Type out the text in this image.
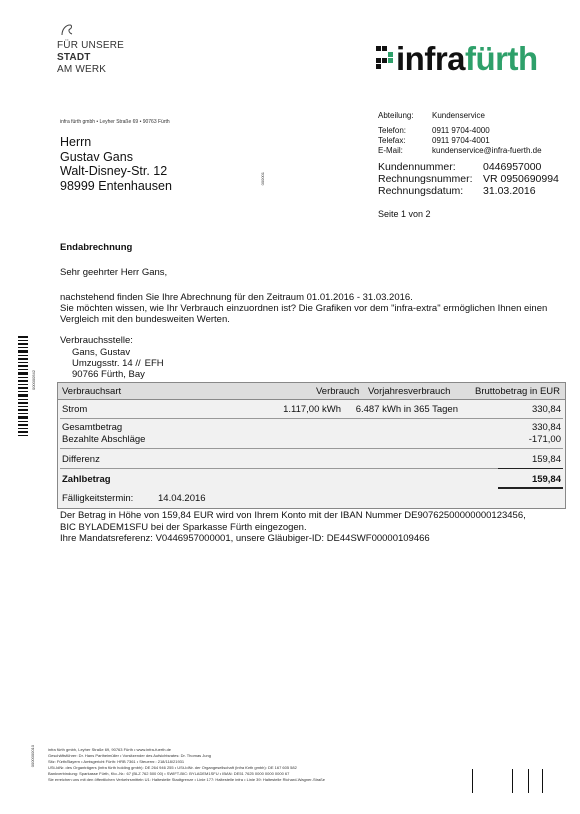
FÜR UNSERE
STADT
AM WERK	infrafürth
infra fürth gmbh • Leyher Straße 69 • 90763 Fürth
Herrn
Gustav Gans
Walt-Disney-Str. 12
98999 Entenhausen	000001
Abteilung:	Kundenservice
Telefon:	0911 9704-4000
Telefax:	0911 9704-4001
E-Mail:	kundenservice@infra-fuerth.de
Kundennummer:	0446957000
Rechnungsnummer: VR 0950690994
Rechnungsdatum:	31.03.2016
Seite 1 von 2
Endabrechnung
Sehr geehrter Herr Gans,
nachstehend finden Sie Ihre Abrechnung für den Zeitraum 01.01.2016 - 31.03.2016.
Sie möchten wissen, wie Ihr Verbrauch einzuordnen ist? Die Grafiken vor dem "infra-extra" ermöglichen Ihnen einen Vergleich mit den bundesweiten Werten.
Verbrauchsstelle:
Gans, Gustav
Umzugsstr. 14 // EFH
90766 Fürth, Bay
Verbrauchsart	Verbrauch Vorjahresverbrauch	Bruttobetrag in EUR
Strom	1.117,00 kWh	6.487 kWh in 365 Tagen	330,84
Gesamtbetrag	330,84
Bezahlte Abschläge	-171,00
Differenz	159,84
Zahlbetrag	159,84
Fälligkeitstermin:	14.04.2016
Der Betrag in Höhe von 159,84 EUR wird von Ihrem Konto mit der IBAN Nummer DE90762500000000123456,
BIC BYLADEM1SFU bei der Sparkasse Fürth eingezogen.
Ihre Mandatsreferenz: V0446957000001, unsere Gläubiger-ID: DE44SWF00000109466
000000542
0000000010	infra fürth gmbh, Leyher Straße 69, 90763 Fürth • www.infra-fuerth.de
Geschäftsführer: Dr. Hans Partheimüller • Vorsitzender des Aufsichtsrates: Dr. Thomas Jung
Sitz: Fürth/Bayern • Amtsgericht Fürth: HRB 7361 • Steuernr.: 218/118/21931
USt-IdNr. des Organträgers (infra fürth holding gmbh): DE 264 946 255 • USt-IdNr. der Organgesellschaft (infra fürth gmbh): DE 167 605 582
Bankverbindung: Sparkasse Fürth, Kto.-Nr.: 67 (BLZ 762 500 00) • SWIFT-BIC: BYLADEM1SFU • IBAN: DE51 7625 0000 0000 0000 67
Sie erreichen uns mit den öffentlichen Verkehrsmitteln U1: Haltestelle Stadtgrenze • Linie 177: Haltestelle infra • Linie 39: Haltestelle Richard-Wagner-Straße
